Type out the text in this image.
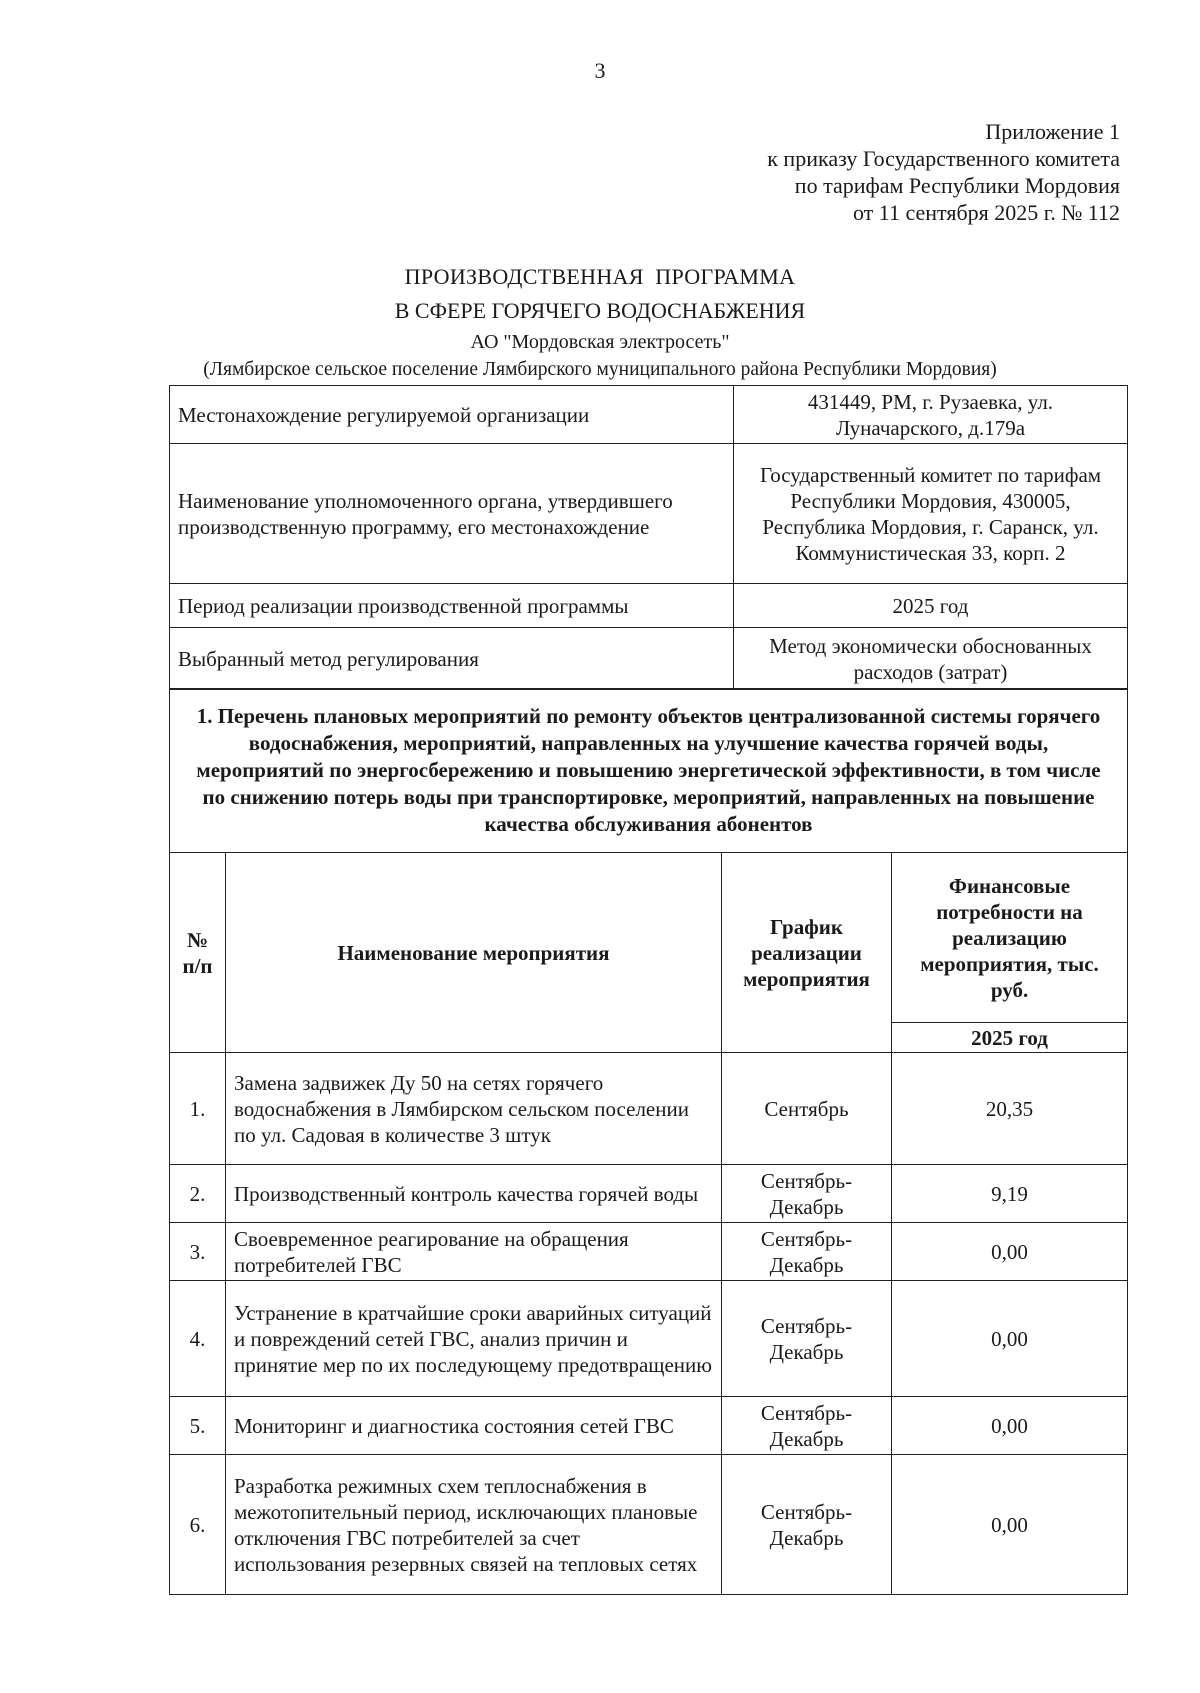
3
Приложение 1
к приказу Государственного комитета
по тарифам Республики Мордовия
от 11 сентября 2025 г. № 112
ПРОИЗВОДСТВЕННАЯ  ПРОГРАММА
В СФЕРЕ ГОРЯЧЕГО ВОДОСНАБЖЕНИЯ
АО "Мордовская электросеть"
(Лямбирское сельское поселение Лямбирского муниципального района Республики Мордовия)
Местонахождение регулируемой организации	431449, РМ, г. Рузаевка, ул. Луначарского, д.179а
Наименование уполномоченного органа, утвердившего производственную программу, его местонахождение	Государственный комитет по тарифам Республики Мордовия, 430005, Республика Мордовия, г. Саранск, ул. Коммунистическая 33, корп. 2
Период реализации производственной программы	2025 год
Выбранный метод регулирования	Метод экономически обоснованных расходов (затрат)
1. Перечень плановых мероприятий по ремонту объектов централизованной системы горячего водоснабжения, мероприятий, направленных на улучшение качества горячей воды, мероприятий по энергосбережению и повышению энергетической эффективности, в том числе по снижению потерь воды при транспортировке, мероприятий, направленных на повышение качества обслуживания абонентов			
№ п/п	Наименование мероприятия	График реализации мероприятия	Финансовые потребности на реализацию мероприятия, тыс. руб.
			2025 год
1.	Замена задвижек Ду 50 на сетях горячего водоснабжения в Лямбирском сельском поселении по ул. Садовая в количестве 3 штук	Сентябрь	20,35
2.	Производственный контроль качества горячей воды	Сентябрь-Декабрь	9,19
3.	Своевременное реагирование на обращения потребителей ГВС	Сентябрь-Декабрь	0,00
4.	Устранение в кратчайшие сроки аварийных ситуаций и повреждений сетей ГВС, анализ причин и принятие мер по их последующему предотвращению	Сентябрь-Декабрь	0,00
5.	Мониторинг и диагностика состояния сетей ГВС	Сентябрь-Декабрь	0,00
6.	Разработка режимных схем теплоснабжения в межотопительный период, исключающих плановые отключения ГВС потребителей за счет использования резервных связей на тепловых сетях	Сентябрь-Декабрь	0,00
